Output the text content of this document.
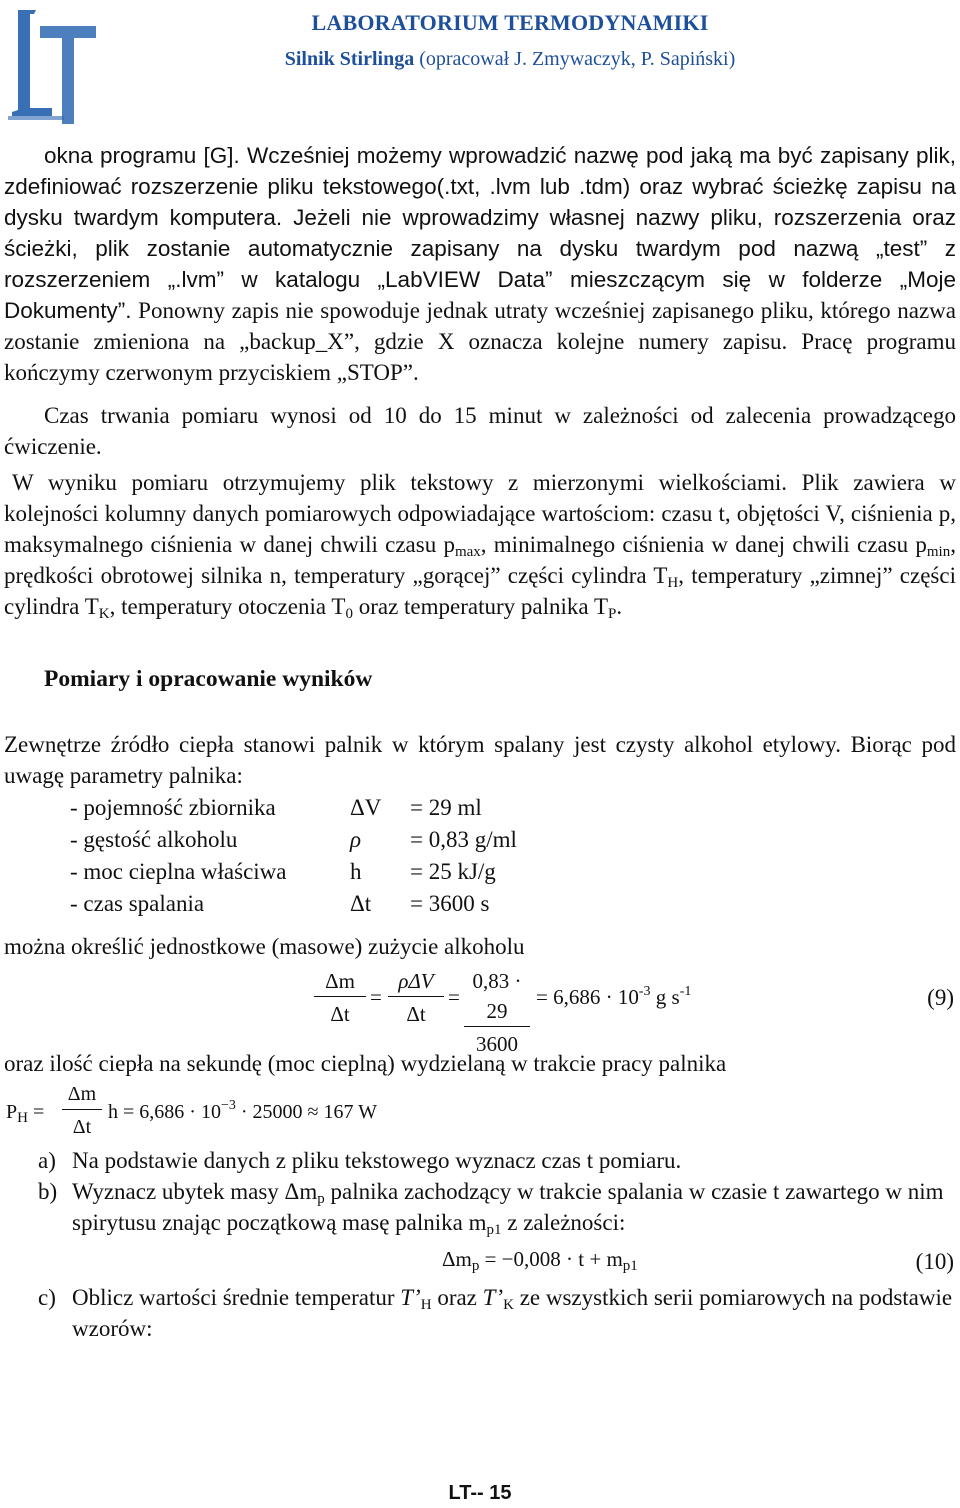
LABORATORIUM TERMODYNAMIKI
Silnik Stirlinga (opracował J. Zmywaczyk, P. Sapiński)

okna programu [G]. Wcześniej możemy wprowadzić nazwę pod jaką ma być zapisany plik, zdefiniować rozszerzenie pliku tekstowego(.txt, .lvm lub .tdm) oraz wybrać ścieżkę zapisu na dysku twardym komputera. Jeżeli nie wprowadzimy własnej nazwy pliku, rozszerzenia oraz ścieżki, plik zostanie automatycznie zapisany na dysku twardym pod nazwą „test” z rozszerzeniem „.lvm” w katalogu „LabVIEW Data” mieszczącym się w folderze „Moje Dokumenty”. Ponowny zapis nie spowoduje jednak utraty wcześniej zapisanego pliku, którego nazwa zostanie zmieniona na „backup_X”, gdzie X oznacza kolejne numery zapisu. Pracę programu kończymy czerwonym przyciskiem „STOP”.

Czas trwania pomiaru wynosi od 10 do 15 minut w zależności od zalecenia prowadzącego ćwiczenie.

W wyniku pomiaru otrzymujemy plik tekstowy z mierzonymi wielkościami. Plik zawiera w kolejności kolumny danych pomiarowych odpowiadające wartościom: czasu t, objętości V, ciśnienia p, maksymalnego ciśnienia w danej chwili czasu $p_{max}$, minimalnego ciśnienia w danej chwili czasu $p_{min}$, prędkości obrotowej silnika n, temperatury „gorącej” części cylindra $T_H$, temperatury „zimnej” części cylindra $T_K$, temperatury otoczenia $T_0$ oraz temperatury palnika $T_P$.

Pomiary i opracowanie wyników

Zewnętrze źródło ciepła stanowi palnik w którym spalany jest czysty alkohol etylowy. Biorąc pod uwagę parametry palnika:

- pojemność zbiornika	ΔV	= 29 ml
- gęstość alkoholu	ρ	= 0,83 g/ml
- moc cieplna właściwa	h	= 25 kJ/g
- czas spalania	Δt	= 3600 s

można określić jednostkowe (masowe) zużycie alkoholu

$\frac{\Delta m}{\Delta t}$ =
ρΔV
Δt
= $\frac{0,83 \cdot 29}{3600} = 6,686 \cdot 10^{-3}$ g $s^{-1}$	(9)

oraz ilość ciepła na sekundę (moc cieplną) wydzielaną w trakcie pracy palnika

$P_H = \frac{\Delta m}{\Delta t}$ $h = 6,686 \cdot 10^{-3} \cdot 25000 \approx 167$ W
a) Na podstawie danych z pliku tekstowego wyznacz czas t pomiaru.
b) Wyznacz ubytek masy $\Delta m_p$ palnika zachodzący w trakcie spalania w czasie t zawartego w nim spirytusu znając początkową masę palnika $m_{p1}$ z zależności:
$\Delta m_p = -0,008 \cdot t + m_{p1}$	(10)
c) Oblicz wartości średnie temperatur $T’_H$ oraz $T’_K$ ze wszystkich serii pomiarowych na podstawie wzorów:
LT-- 15
